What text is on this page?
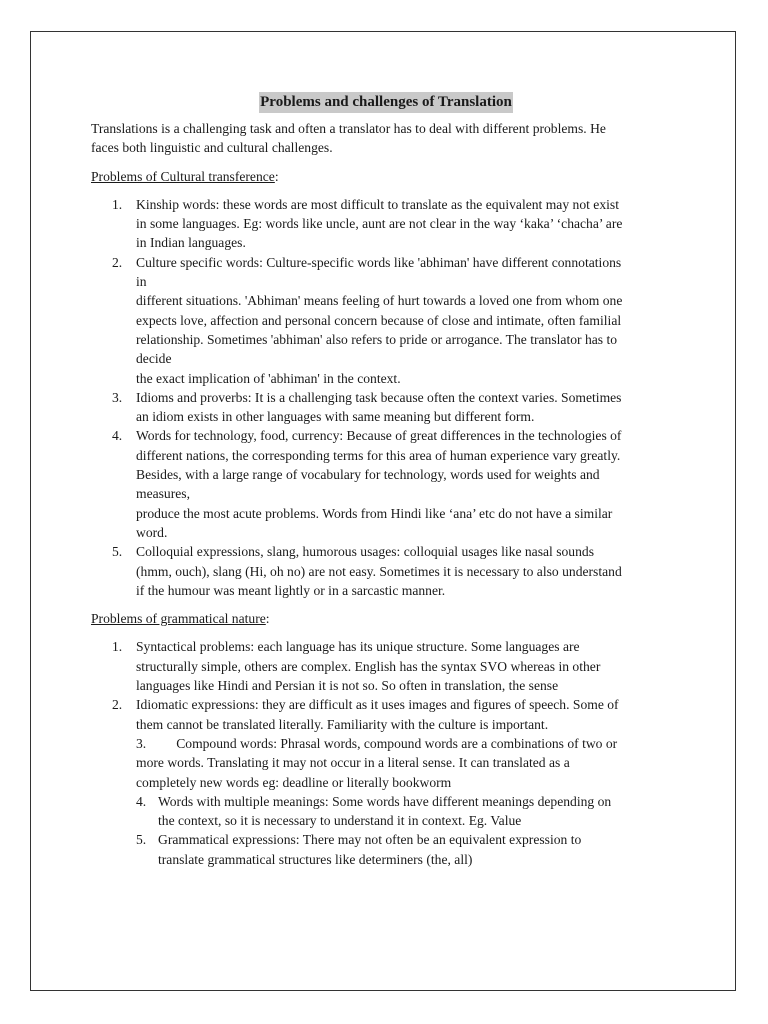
Problems and challenges of Translation
Translations is a challenging task and often a translator has to deal with different problems. He
faces both linguistic and cultural challenges.

Problems of Cultural transference:

1. Kinship words: these words are most difficult to translate as the equivalent may not exist
in some languages. Eg: words like uncle, aunt are not clear in the way ‘kaka’ ‘chacha’ are
in Indian languages.
2. Culture specific words: Culture-specific words like 'abhiman' have different connotations
in
different situations. 'Abhiman' means feeling of hurt towards a loved one from whom one
expects love, affection and personal concern because of close and intimate, often familial
relationship. Sometimes 'abhiman' also refers to pride or arrogance. The translator has to
decide
the exact implication of 'abhiman' in the context.
3. Idioms and proverbs: It is a challenging task because often the context varies. Sometimes
an idiom exists in other languages with same meaning but different form.
4. Words for technology, food, currency: Because of great differences in the technologies of
different nations, the corresponding terms for this area of human experience vary greatly.
Besides, with a large range of vocabulary for technology, words used for weights and
measures,
produce the most acute problems. Words from Hindi like ‘ana’ etc do not have a similar
word.
5. Colloquial expressions, slang, humorous usages: colloquial usages like nasal sounds
(hmm, ouch), slang (Hi, oh no) are not easy. Sometimes it is necessary to also understand
if the humour was meant lightly or in a sarcastic manner.

Problems of grammatical nature:

1. Syntactical problems: each language has its unique structure. Some languages are
structurally simple, others are complex. English has the syntax SVO whereas in other
languages like Hindi and Persian it is not so. So often in translation, the sense
2. Idiomatic expressions: they are difficult as it uses images and figures of speech. Some of
them cannot be translated literally. Familiarity with the culture is important.
3. Compound words: Phrasal words, compound words are a combinations of two or
more words. Translating it may not occur in a literal sense. It can translated as a
completely new words eg: deadline or literally bookworm
4. Words with multiple meanings: Some words have different meanings depending on
the context, so it is necessary to understand it in context. Eg. Value
5. Grammatical expressions: There may not often be an equivalent expression to
translate grammatical structures like determiners (the, all)
